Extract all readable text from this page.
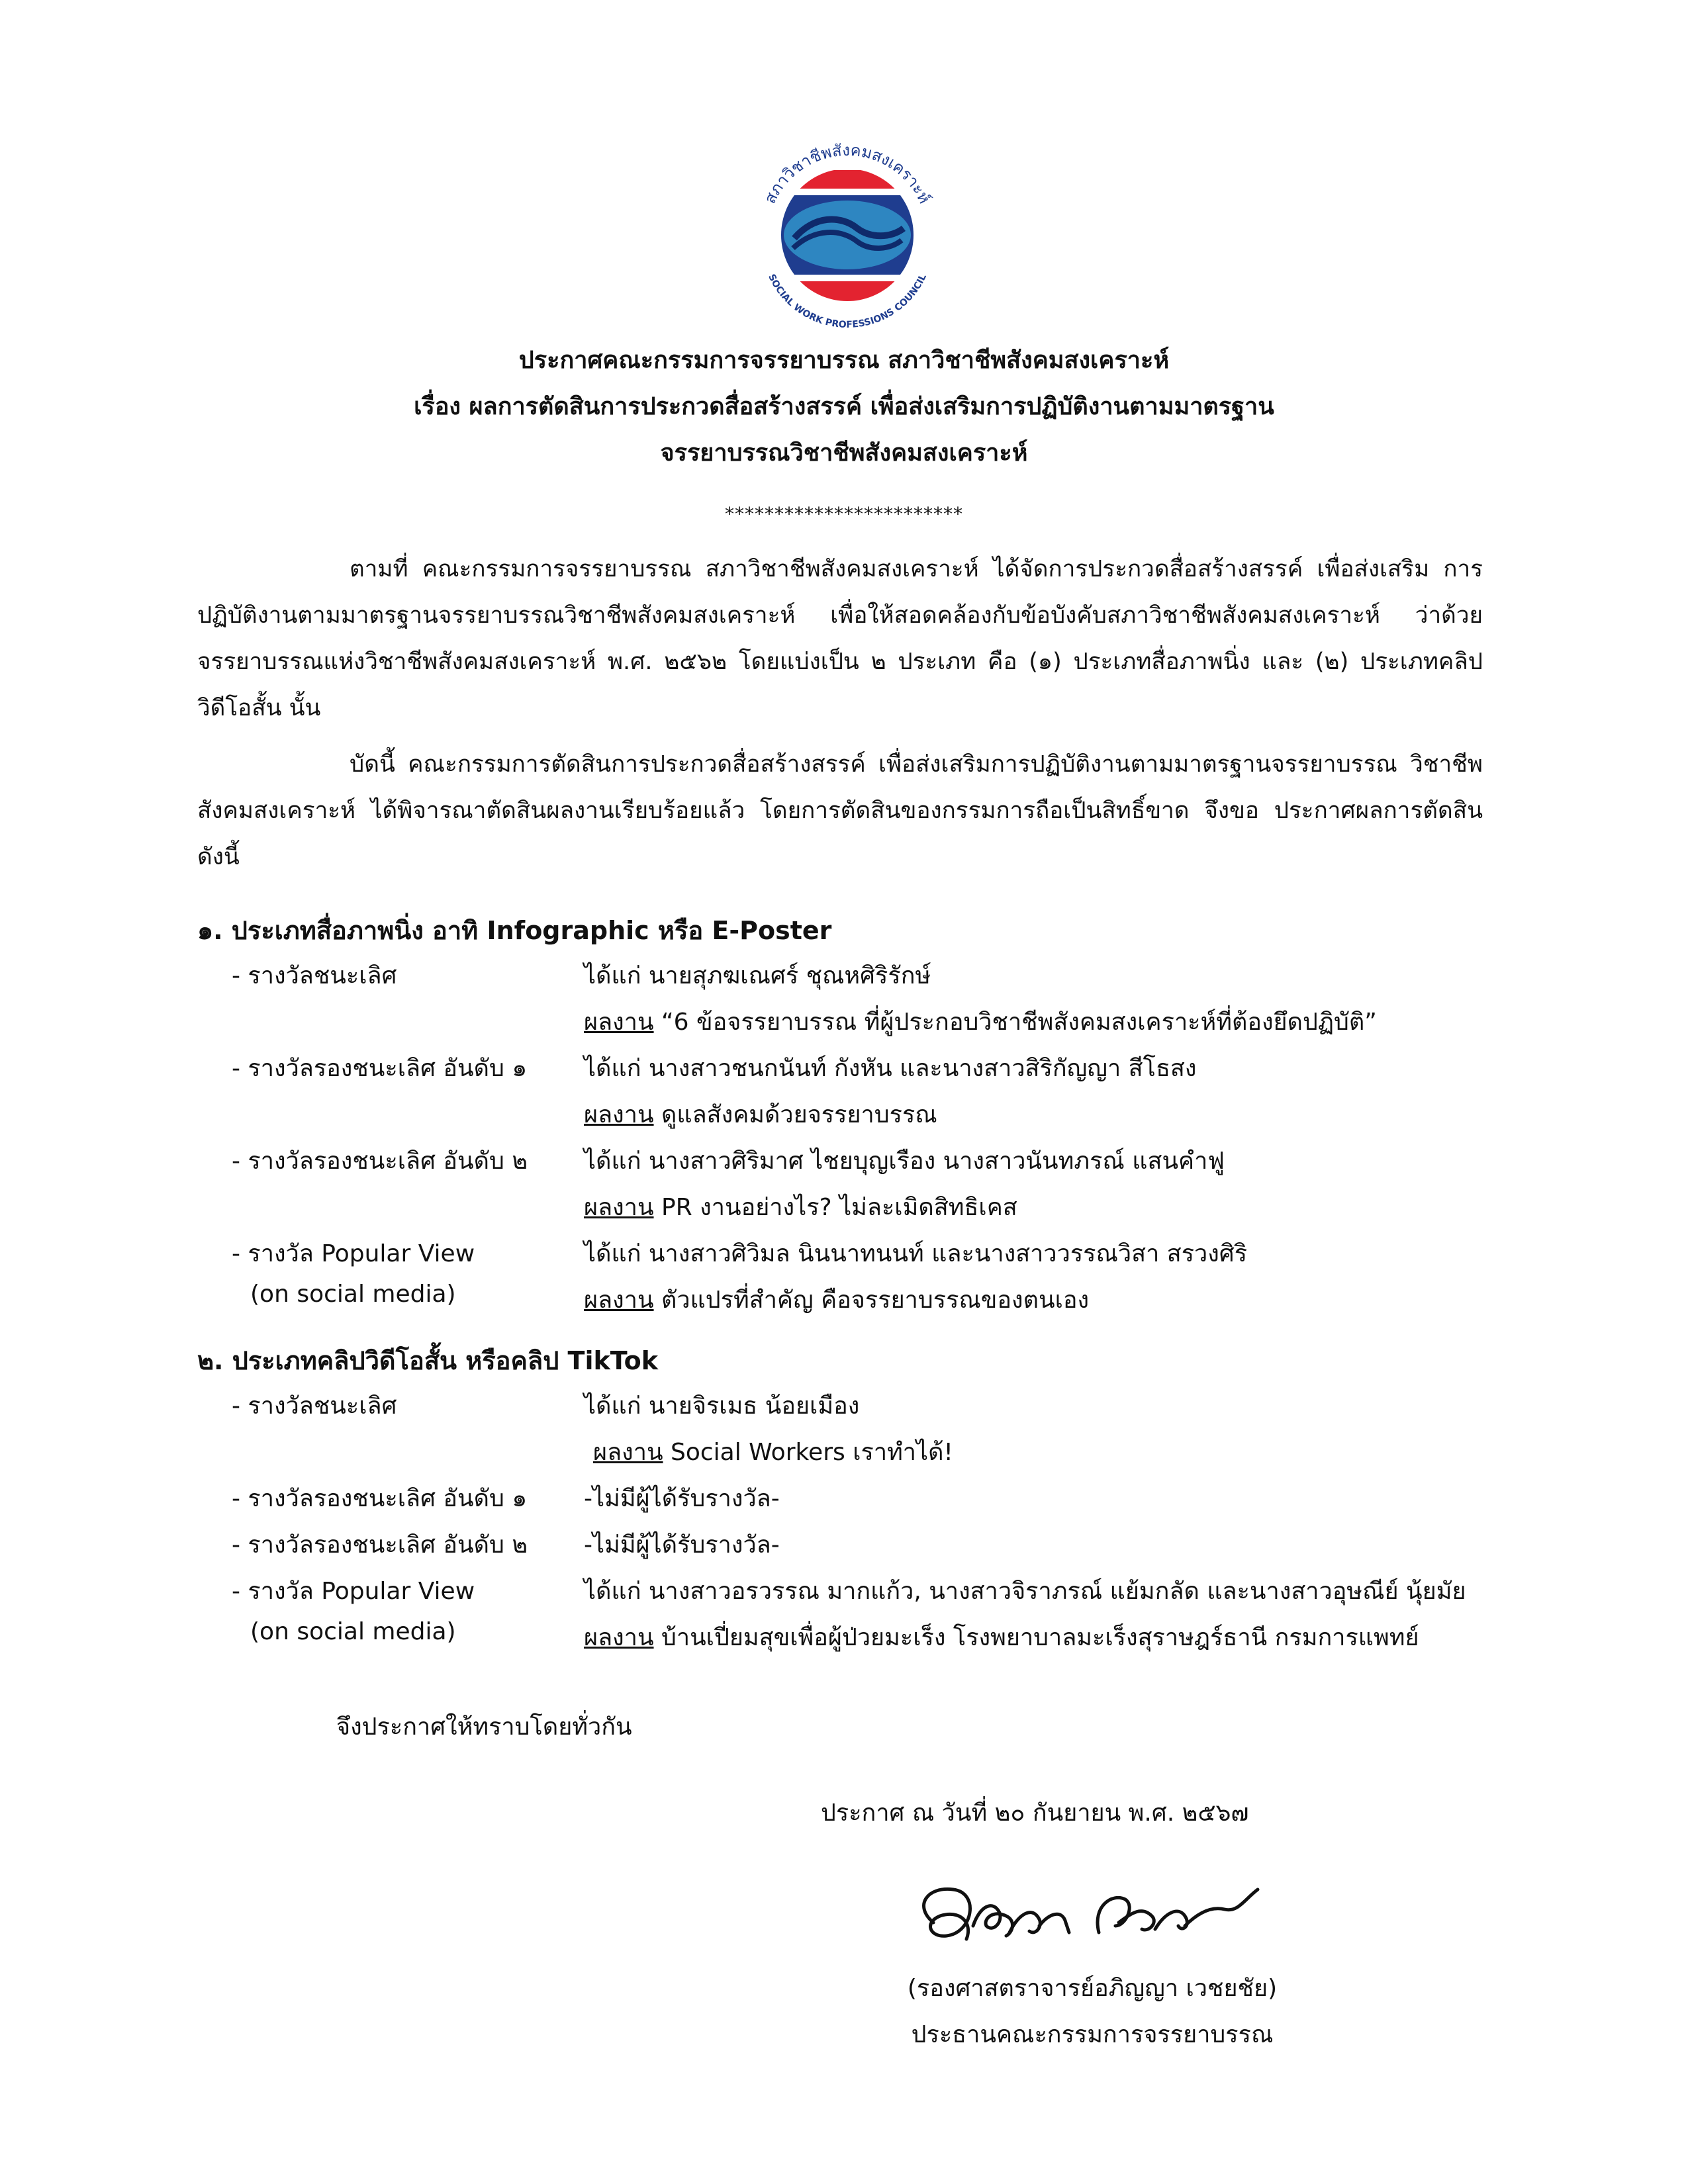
สภาวิชาชีพสังคมสงเคราะห์
SOCIAL WORK PROFESSIONS COUNCIL
ประกาศคณะกรรมการจรรยาบรรณ สภาวิชาชีพสังคมสงเคราะห์
เรื่อง ผลการตัดสินการประกวดสื่อสร้างสรรค์ เพื่อส่งเสริมการปฏิบัติงานตามมาตรฐาน
จรรยาบรรณวิชาชีพสังคมสงเคราะห์
************************
ตามที่ คณะกรรมการจรรยาบรรณ สภาวิชาชีพสังคมสงเคราะห์ ได้จัดการประกวดสื่อสร้างสรรค์ เพื่อส่งเสริม การปฏิบัติงานตามมาตรฐานจรรยาบรรณวิชาชีพสังคมสงเคราะห์ เพื่อให้สอดคล้องกับข้อบังคับสภาวิชาชีพสังคมสงเคราะห์ ว่าด้วยจรรยาบรรณแห่งวิชาชีพสังคมสงเคราะห์ พ.ศ. ๒๕๖๒ โดยแบ่งเป็น ๒ ประเภท คือ (๑) ประเภทสื่อภาพนิ่ง และ (๒) ประเภทคลิปวิดีโอสั้น นั้น
บัดนี้ คณะกรรมการตัดสินการประกวดสื่อสร้างสรรค์ เพื่อส่งเสริมการปฏิบัติงานตามมาตรฐานจรรยาบรรณ วิชาชีพสังคมสงเคราะห์ ได้พิจารณาตัดสินผลงานเรียบร้อยแล้ว โดยการตัดสินของกรรมการถือเป็นสิทธิ์ขาด จึงขอ ประกาศผลการตัดสิน ดังนี้
๑. ประเภทสื่อภาพนิ่ง อาทิ Infographic หรือ E-Poster
- รางวัลชนะเลิศ	ได้แก่ นายสุภฆเณศร์ ชุณหศิริรักษ์
ผลงาน “6 ข้อจรรยาบรรณ ที่ผู้ประกอบวิชาชีพสังคมสงเคราะห์ที่ต้องยึดปฏิบัติ”
- รางวัลรองชนะเลิศ อันดับ ๑ ได้แก่ นางสาวชนกนันท์ กังหัน และนางสาวสิริกัญญา สีโธสง
ผลงาน ดูแลสังคมด้วยจรรยาบรรณ
- รางวัลรองชนะเลิศ อันดับ ๒ ได้แก่ นางสาวศิริมาศ ไชยบุญเรือง นางสาวนันทภรณ์ แสนคำฟู
ผลงาน PR งานอย่างไร? ไม่ละเมิดสิทธิเคส
- รางวัล Popular View
(on social media)
ได้แก่ นางสาวศิวิมล นินนาทนนท์ และนางสาววรรณวิสา สรวงศิริ
ผลงาน ตัวแปรที่สำคัญ คือจรรยาบรรณของตนเอง
๒. ประเภทคลิปวิดีโอสั้น หรือคลิป TikTok
- รางวัลชนะเลิศ	ได้แก่ นายจิรเมธ น้อยเมือง
ผลงาน Social Workers เราทำได้!
- รางวัลรองชนะเลิศ อันดับ ๑ -ไม่มีผู้ได้รับรางวัล-
- รางวัลรองชนะเลิศ อันดับ ๒ -ไม่มีผู้ได้รับรางวัล-
- รางวัล Popular View
(on social media)
ได้แก่ นางสาวอรวรรณ มากแก้ว, นางสาวจิราภรณ์ แย้มกลัด และนางสาวอุษณีย์ นุ้ยมัย
ผลงาน บ้านเปี่ยมสุขเพื่อผู้ป่วยมะเร็ง โรงพยาบาลมะเร็งสุราษฎร์ธานี กรมการแพทย์
จึงประกาศให้ทราบโดยทั่วกัน
ประกาศ ณ วันที่ ๒๐ กันยายน พ.ศ. ๒๕๖๗
(รองศาสตราจารย์อภิญญา เวชยชัย)
ประธานคณะกรรมการจรรยาบรรณ
